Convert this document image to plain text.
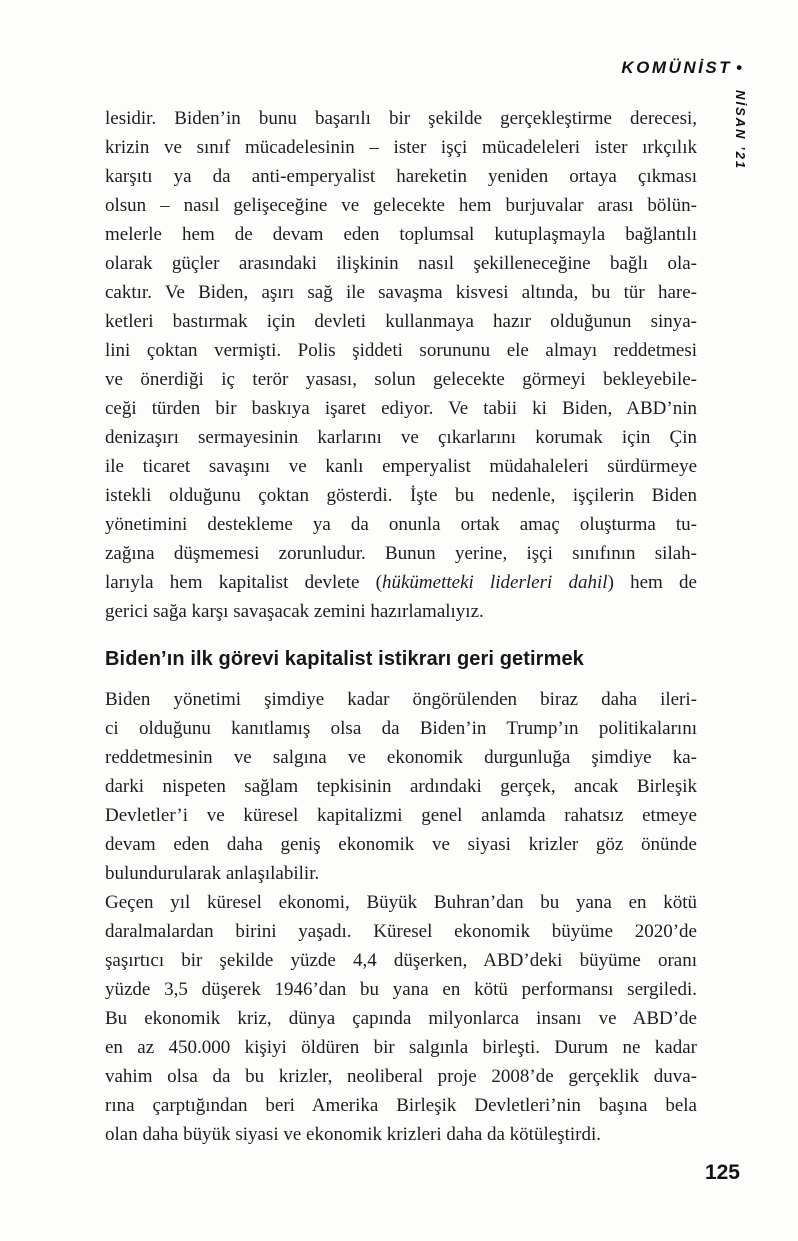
KOMÜNİST •
NİSAN ’21
lesidir. Biden’in bunu başarılı bir şekilde gerçekleştirme derecesi,
krizin ve sınıf mücadelesinin – ister işçi mücadeleleri ister ırkçılık
karşıtı ya da anti-emperyalist hareketin yeniden ortaya çıkması
olsun – nasıl gelişeceğine ve gelecekte hem burjuvalar arası bölün-
melerle hem de devam eden toplumsal kutuplaşmayla bağlantılı
olarak güçler arasındaki ilişkinin nasıl şekilleneceğine bağlı ola-
caktır. Ve Biden, aşırı sağ ile savaşma kisvesi altında, bu tür hare-
ketleri bastırmak için devleti kullanmaya hazır olduğunun sinya-
lini çoktan vermişti. Polis şiddeti sorununu ele almayı reddetmesi
ve önerdiği iç terör yasası, solun gelecekte görmeyi bekleyebile-
ceği türden bir baskıya işaret ediyor. Ve tabii ki Biden, ABD’nin
denizaşırı sermayesinin karlarını ve çıkarlarını korumak için Çin
ile ticaret savaşını ve kanlı emperyalist müdahaleleri sürdürmeye
istekli olduğunu çoktan gösterdi. İşte bu nedenle, işçilerin Biden
yönetimini destekleme ya da onunla ortak amaç oluşturma tu-
zağına düşmemesi zorunludur. Bunun yerine, işçi sınıfının silah-
larıyla hem kapitalist devlete (hükümetteki liderleri dahil) hem de
gerici sağa karşı savaşacak zemini hazırlamalıyız.
Biden’ın ilk görevi kapitalist istikrarı geri getirmek
Biden yönetimi şimdiye kadar öngörülenden biraz daha ileri-
ci olduğunu kanıtlamış olsa da Biden’in Trump’ın politikalarını
reddetmesinin ve salgına ve ekonomik durgunluğa şimdiye ka-
darki nispeten sağlam tepkisinin ardındaki gerçek, ancak Birleşik
Devletler’i ve küresel kapitalizmi genel anlamda rahatsız etmeye
devam eden daha geniş ekonomik ve siyasi krizler göz önünde
bulundurularak anlaşılabilir.
Geçen yıl küresel ekonomi, Büyük Buhran’dan bu yana en kötü
daralmalardan birini yaşadı. Küresel ekonomik büyüme 2020’de
şaşırtıcı bir şekilde yüzde 4,4 düşerken, ABD’deki büyüme oranı
yüzde 3,5 düşerek 1946’dan bu yana en kötü performansı sergiledi.
Bu ekonomik kriz, dünya çapında milyonlarca insanı ve ABD’de
en az 450.000 kişiyi öldüren bir salgınla birleşti. Durum ne kadar
vahim olsa da bu krizler, neoliberal proje 2008’de gerçeklik duva-
rına çarptığından beri Amerika Birleşik Devletleri’nin başına bela
olan daha büyük siyasi ve ekonomik krizleri daha da kötüleştirdi.
125
